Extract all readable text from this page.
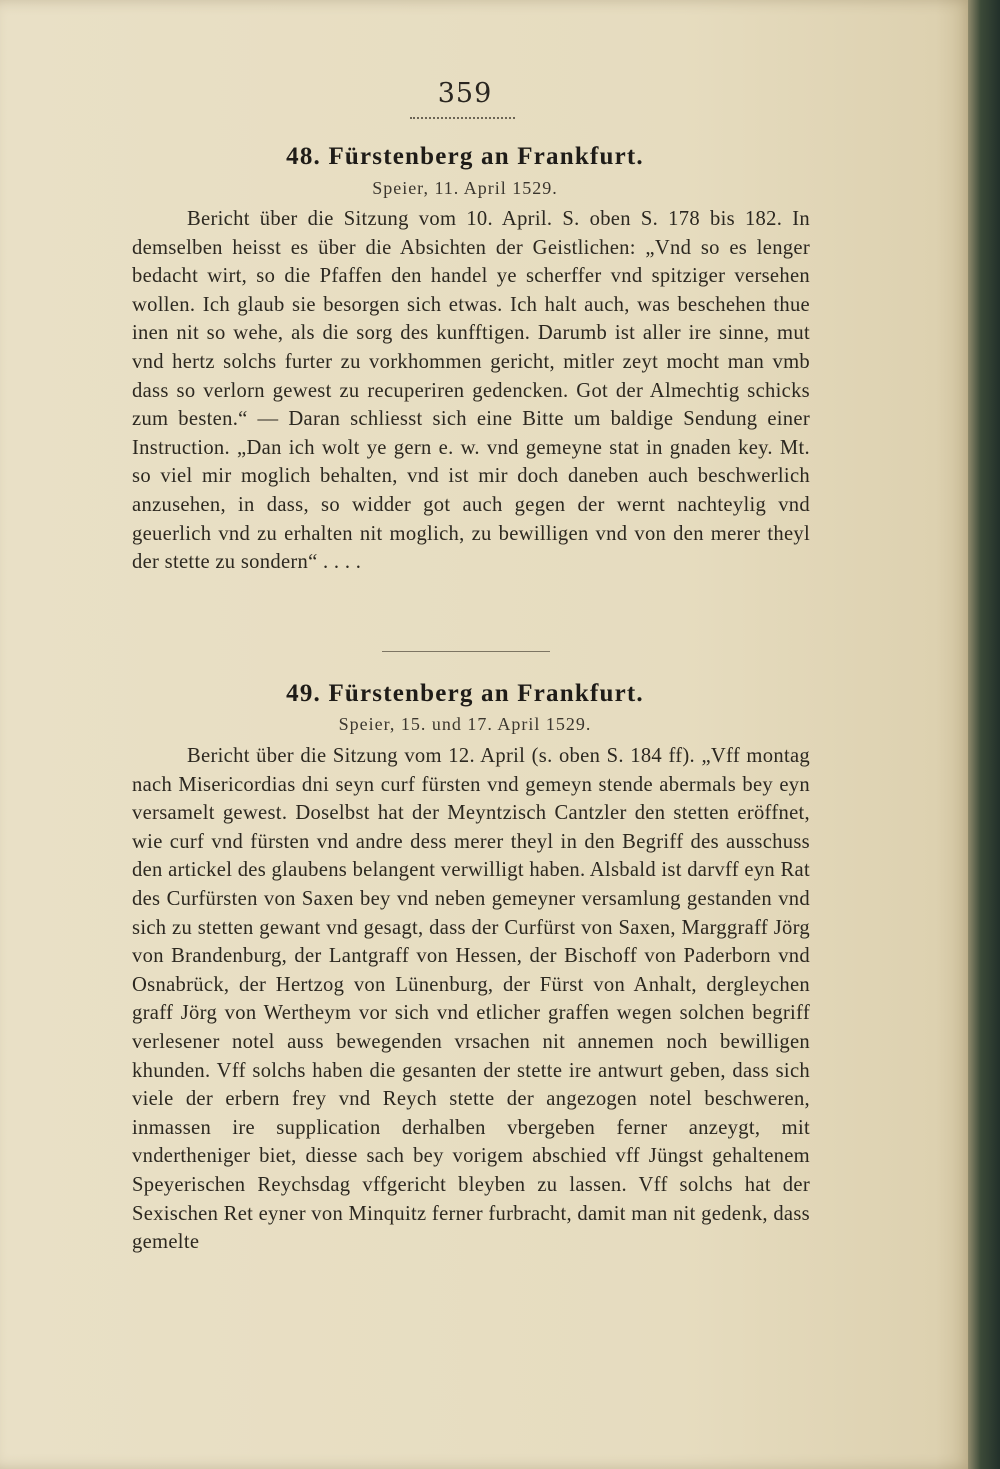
359
48. Fürstenberg an Frankfurt.
Speier, 11. April 1529.

Bericht über die Sitzung vom 10. April. S. oben S. 178 bis 182. In demselben heisst es über die Absichten der Geistlichen: „Vnd so es lenger bedacht wirt, so die Pfaffen den handel ye scherffer vnd spitziger versehen wollen. Ich glaub sie besorgen sich etwas. Ich halt auch, was beschehen thue inen nit so wehe, als die sorg des kunfftigen. Darumb ist aller ire sinne, mut vnd hertz solchs furter zu vorkhommen gericht, mitler zeyt mocht man vmb dass so verlorn gewest zu recuperiren gedencken. Got der Almechtig schicks zum besten.“ — Daran schliesst sich eine Bitte um baldige Sendung einer Instruction. „Dan ich wolt ye gern e. w. vnd gemeyne stat in gnaden key. Mt. so viel mir moglich behalten, vnd ist mir doch daneben auch beschwerlich anzusehen, in dass, so widder got auch gegen der wernt nachteylig vnd geuerlich vnd zu erhalten nit moglich, zu bewilligen vnd von den merer theyl der stette zu sondern“ . . . .

49. Fürstenberg an Frankfurt.
Speier, 15. und 17. April 1529.

Bericht über die Sitzung vom 12. April (s. oben S. 184 ff). „Vff montag nach Misericordias dni seyn curf fürsten vnd gemeyn stende abermals bey eyn versamelt gewest. Doselbst hat der Meyntzisch Cantzler den stetten eröffnet, wie curf vnd fürsten vnd andre dess merer theyl in den Begriff des ausschuss den artickel des glaubens belangent verwilligt haben. Alsbald ist darvff eyn Rat des Curfürsten von Saxen bey vnd neben gemeyner versamlung gestanden vnd sich zu stetten gewant vnd gesagt, dass der Curfürst von Saxen, Marggraff Jörg von Brandenburg, der Lantgraff von Hessen, der Bischoff von Paderborn vnd Osnabrück, der Hertzog von Lünenburg, der Fürst von Anhalt, dergleychen graff Jörg von Wertheym vor sich vnd etlicher graffen wegen solchen begriff verlesener notel auss bewegenden vrsachen nit annemen noch bewilligen khunden. Vff solchs haben die gesanten der stette ire antwurt geben, dass sich viele der erbern frey vnd Reych stette der angezogen notel beschweren, inmassen ire supplication derhalben vbergeben ferner anzeygt, mit vndertheniger biet, diesse sach bey vorigem abschied vff Jüngst gehaltenem Speyerischen Reychsdag vffgericht bleyben zu lassen. Vff solchs hat der Sexischen Ret eyner von Minquitz ferner furbracht, damit man nit gedenk, dass gemelte
